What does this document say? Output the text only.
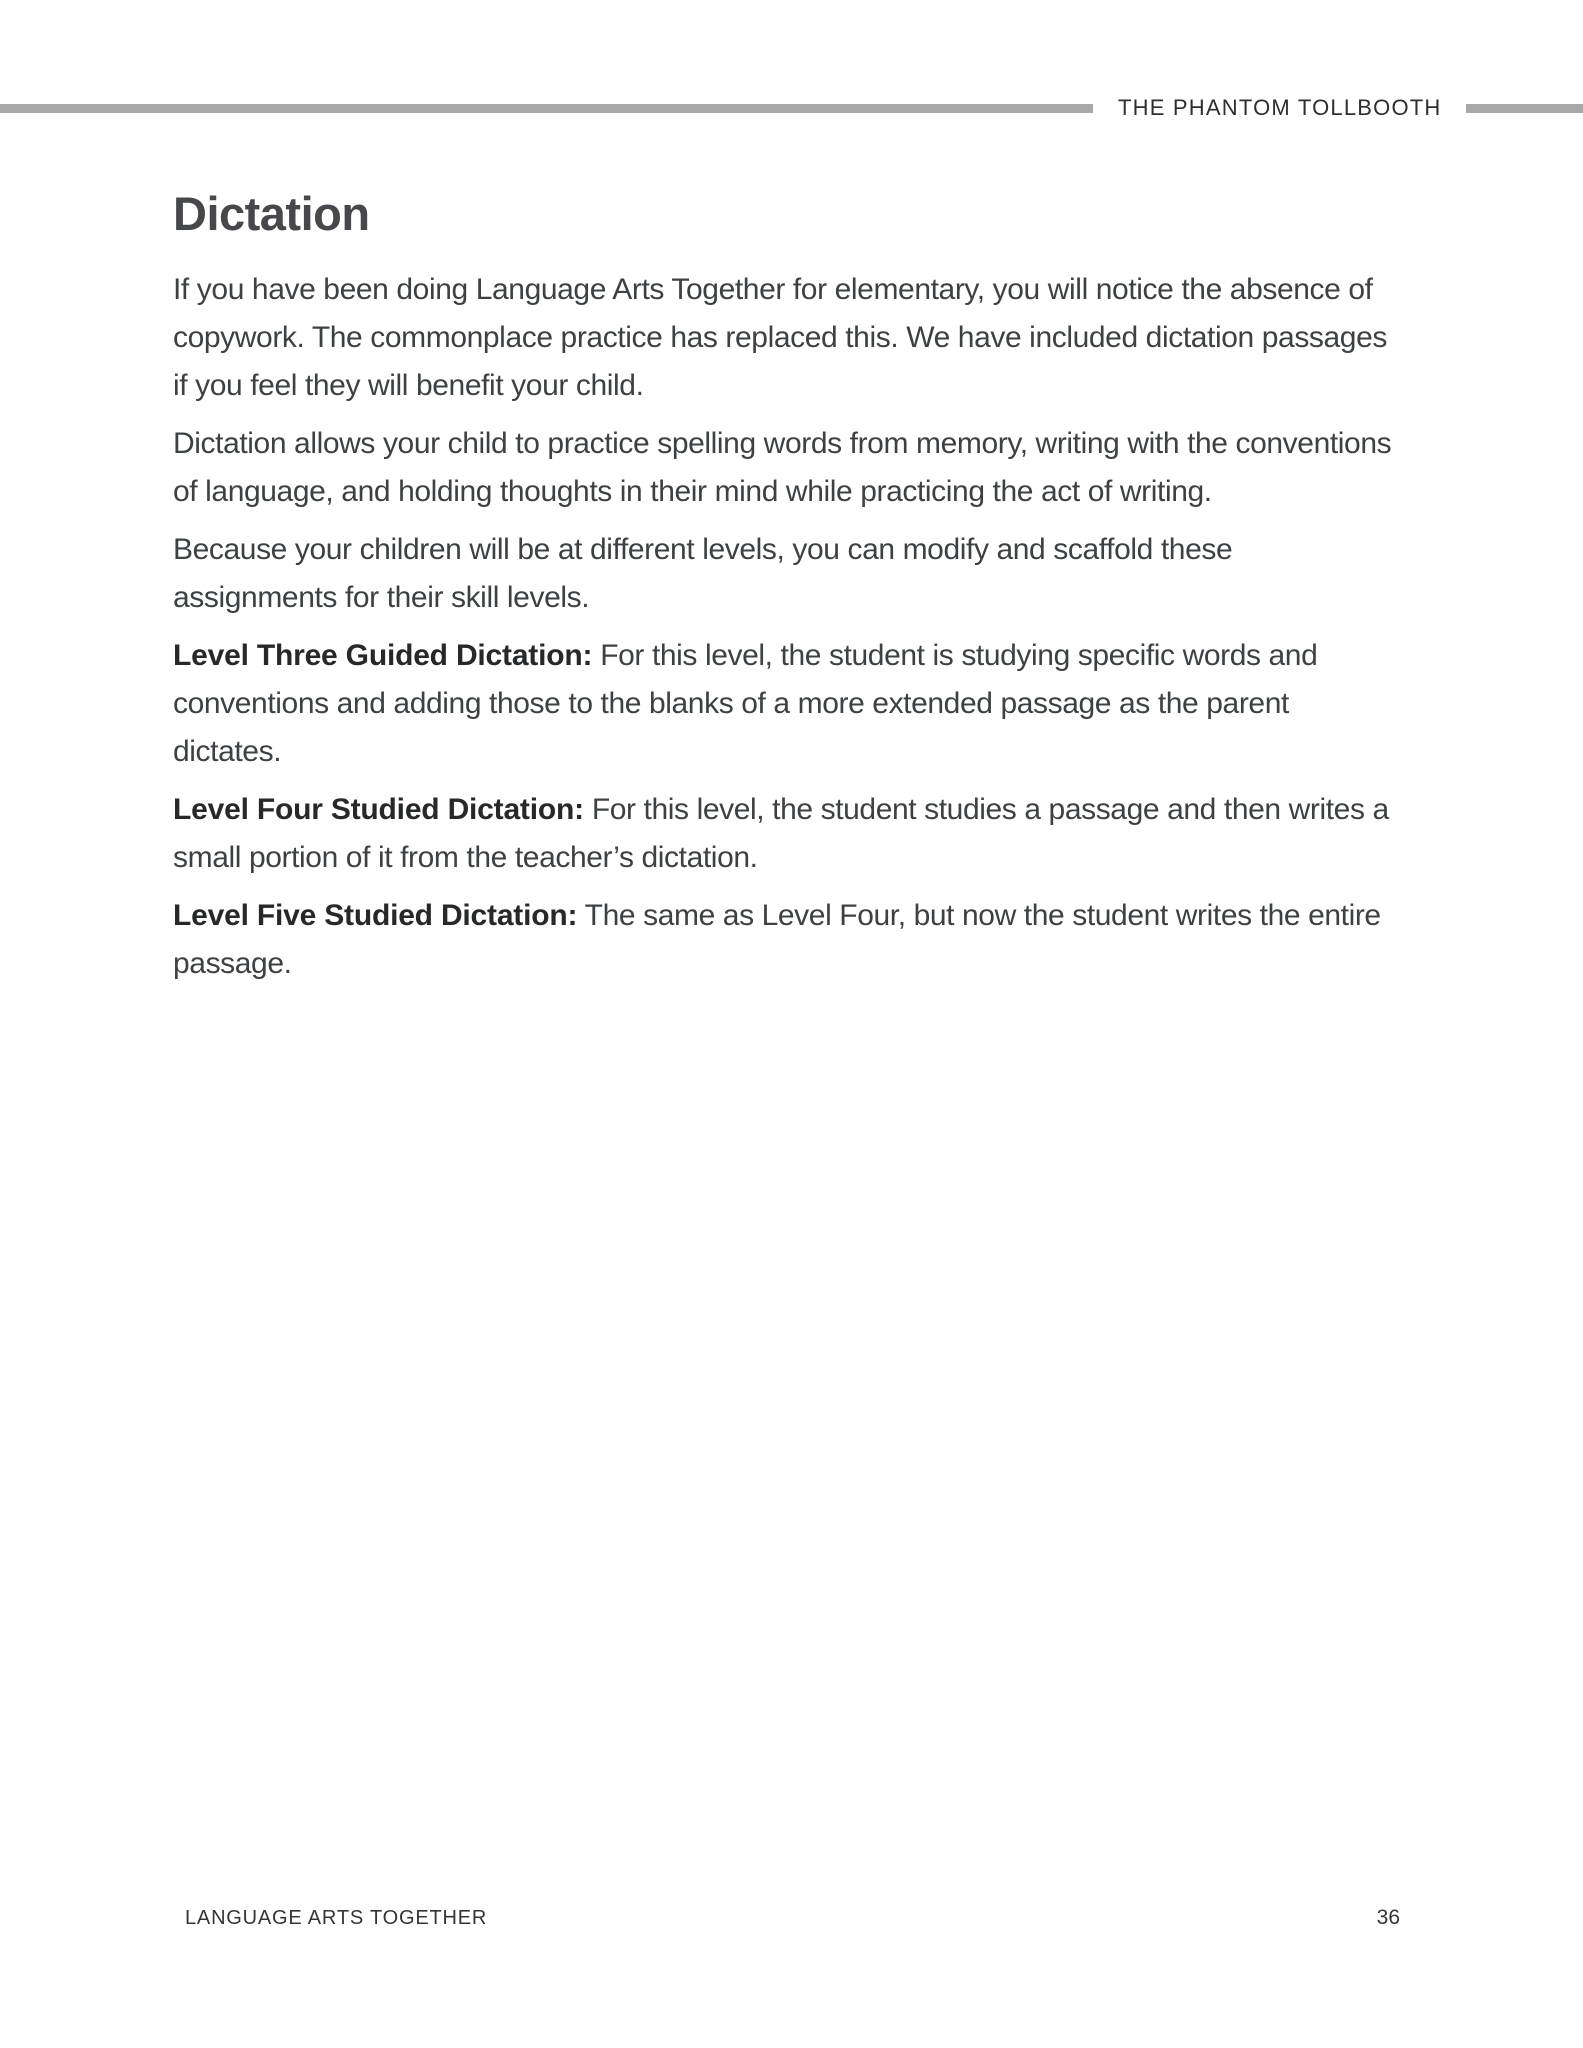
THE PHANTOM TOLLBOOTH
Dictation

If you have been doing Language Arts Together for elementary, you will notice the absence of copywork. The commonplace practice has replaced this. We have included dictation passages if you feel they will benefit your child.

Dictation allows your child to practice spelling words from memory, writing with the conventions of language, and holding thoughts in their mind while practicing the act of writing.

Because your children will be at different levels, you can modify and scaffold these assignments for their skill levels.

Level Three Guided Dictation: For this level, the student is studying specific words and conventions and adding those to the blanks of a more extended passage as the parent dictates.

Level Four Studied Dictation: For this level, the student studies a passage and then writes a small portion of it from the teacher’s dictation.

Level Five Studied Dictation: The same as Level Four, but now the student writes the entire passage.

LANGUAGE ARTS TOGETHER	36
